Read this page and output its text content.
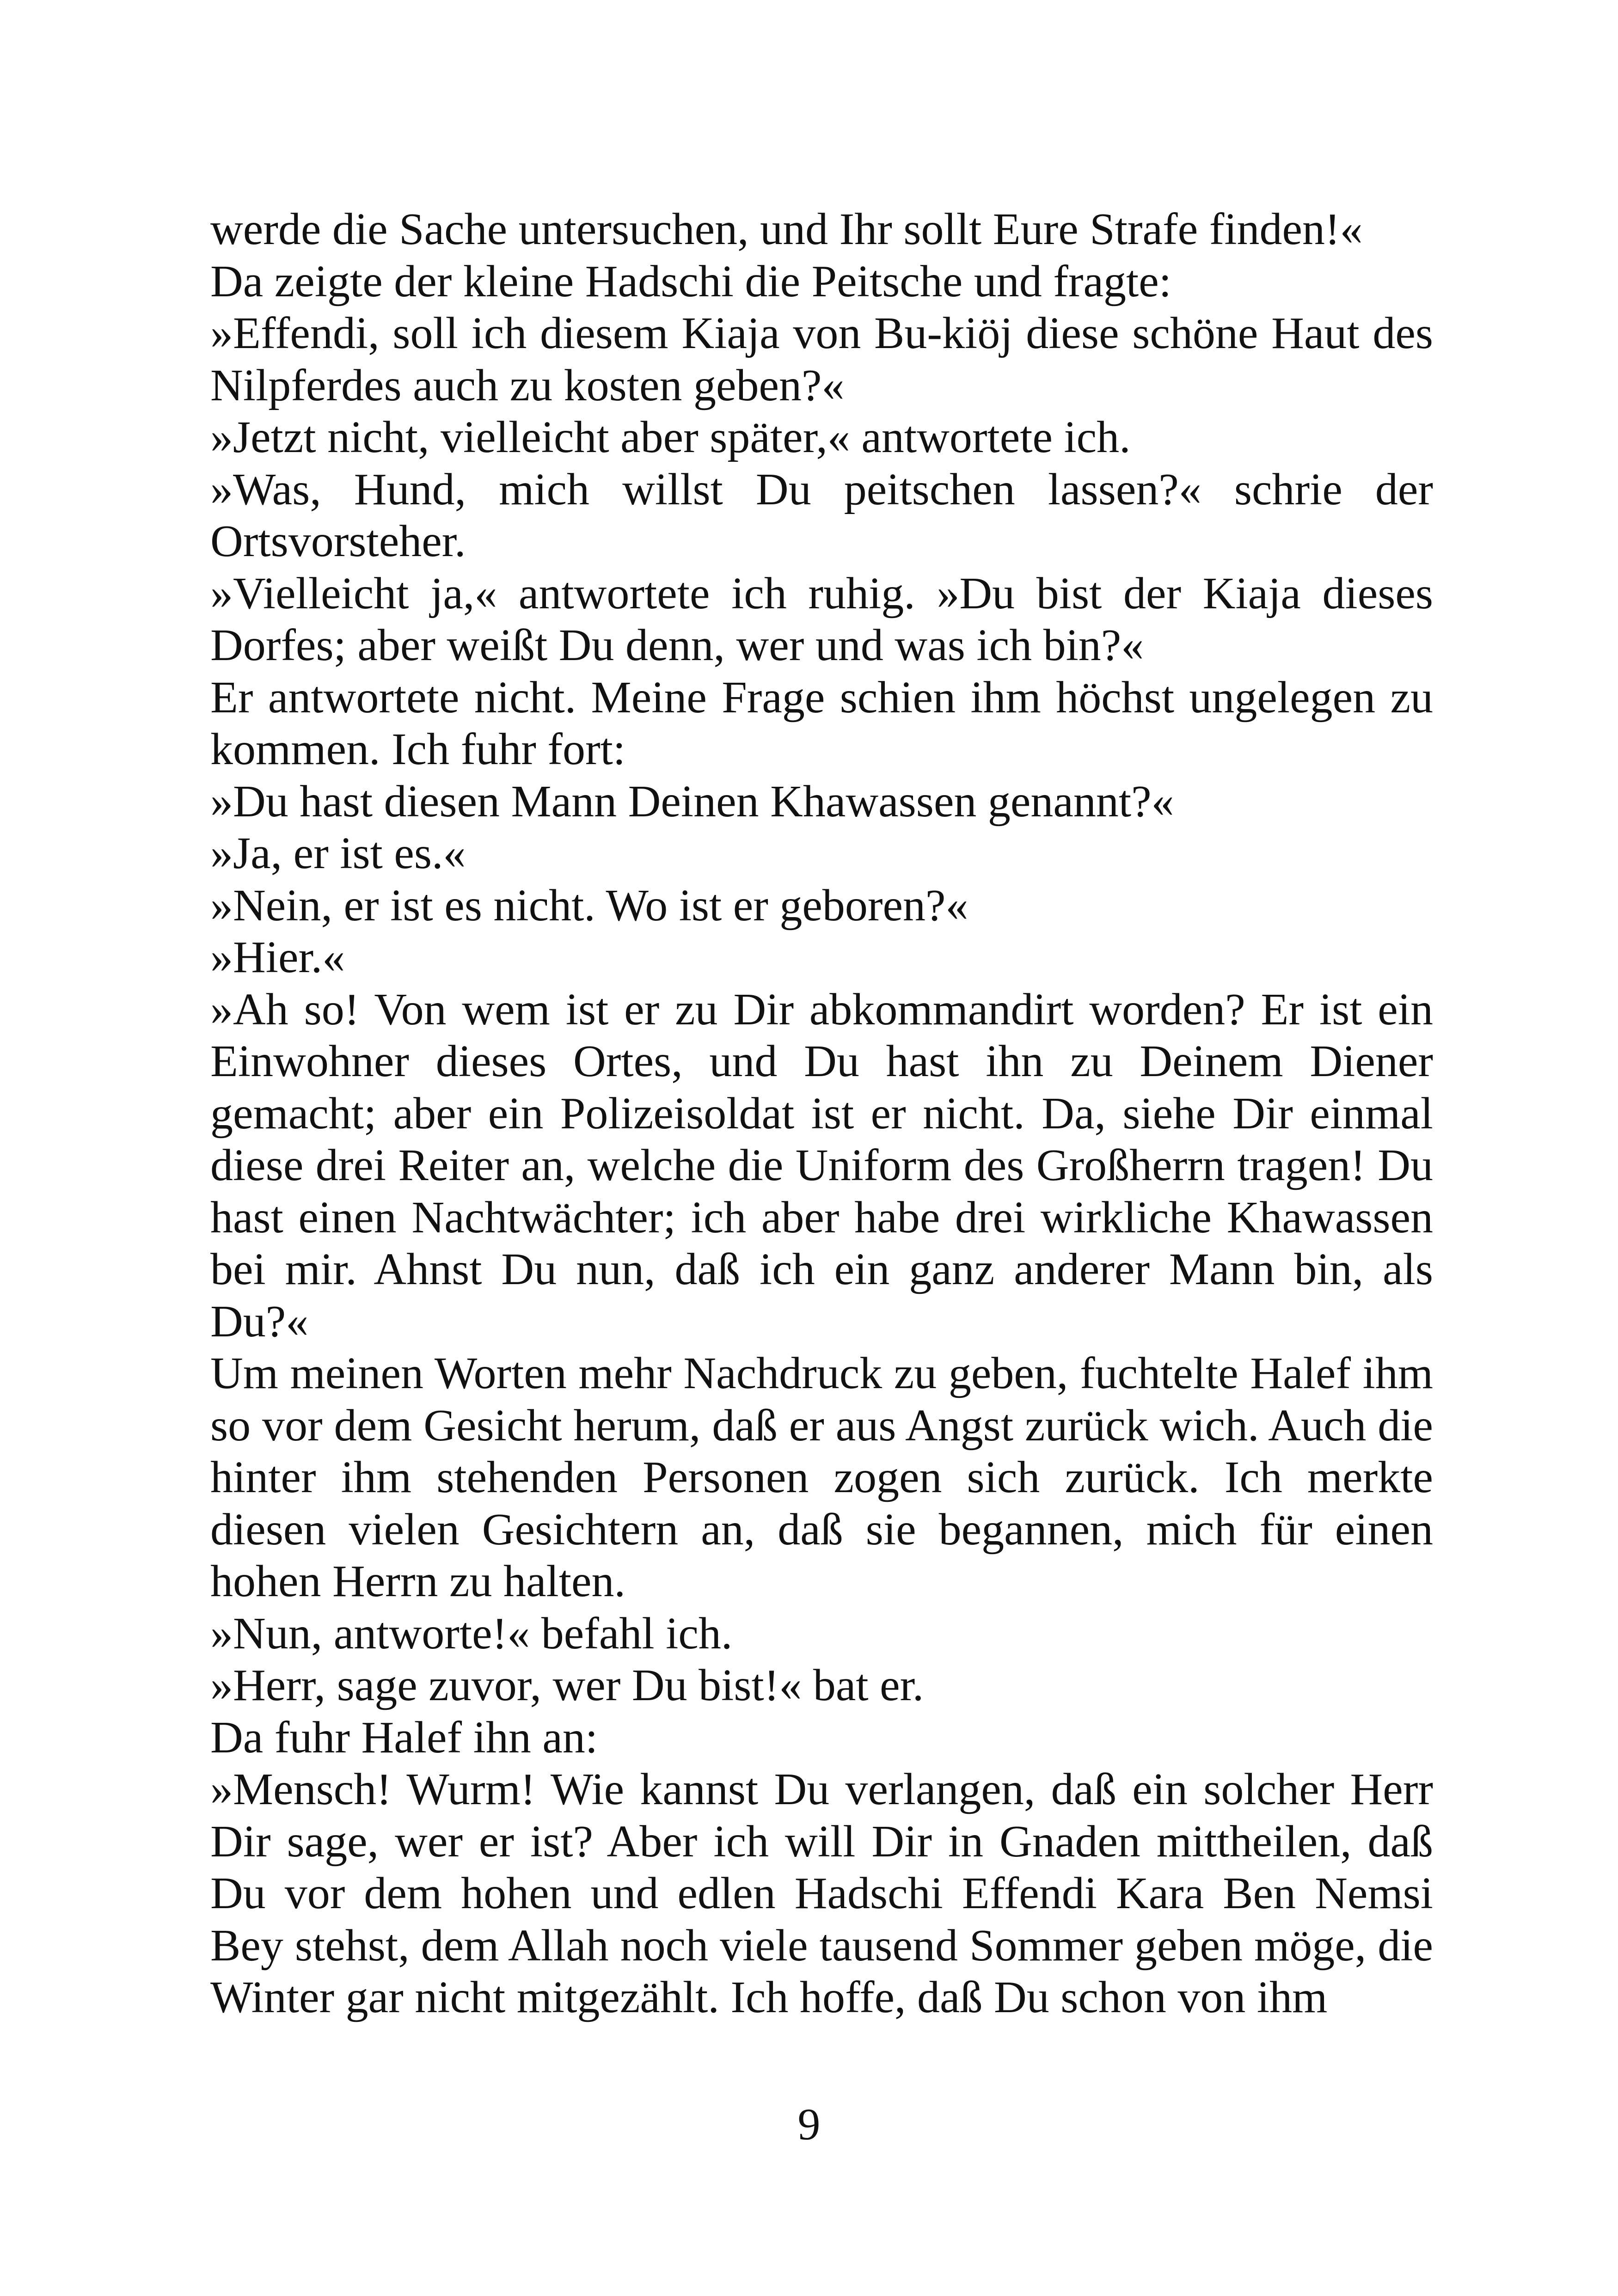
werde die Sache untersuchen, und Ihr sollt Eure Strafe finden!«

Da zeigte der kleine Hadschi die Peitsche und fragte:

»Effendi, soll ich diesem Kiaja von Bu-kiöj diese schöne Haut des Nilpferdes auch zu kosten geben?«

»Jetzt nicht, vielleicht aber später,« antwortete ich.

»Was, Hund, mich willst Du peitschen lassen?« schrie der Ortsvorsteher.

»Vielleicht ja,« antwortete ich ruhig. »Du bist der Kiaja dieses Dorfes; aber weißt Du denn, wer und was ich bin?«

Er antwortete nicht. Meine Frage schien ihm höchst ungelegen zu kommen. Ich fuhr fort:

»Du hast diesen Mann Deinen Khawassen genannt?«

»Ja, er ist es.«

»Nein, er ist es nicht. Wo ist er geboren?«

»Hier.«

»Ah so! Von wem ist er zu Dir abkommandirt worden? Er ist ein Einwohner dieses Ortes, und Du hast ihn zu Deinem Diener gemacht; aber ein Polizeisoldat ist er nicht. Da, siehe Dir einmal diese drei Reiter an, welche die Uniform des Großherrn tragen! Du hast einen Nachtwächter; ich aber habe drei wirkliche Khawassen bei mir. Ahnst Du nun, daß ich ein ganz anderer Mann bin, als Du?«

Um meinen Worten mehr Nachdruck zu geben, fuchtelte Halef ihm so vor dem Gesicht herum, daß er aus Angst zurück wich. Auch die hinter ihm stehenden Personen zogen sich zurück. Ich merkte diesen vielen Gesichtern an, daß sie begannen, mich für einen hohen Herrn zu halten.

»Nun, antworte!« befahl ich.

»Herr, sage zuvor, wer Du bist!« bat er.

Da fuhr Halef ihn an:

»Mensch! Wurm! Wie kannst Du verlangen, daß ein solcher Herr Dir sage, wer er ist? Aber ich will Dir in Gnaden mittheilen, daß Du vor dem hohen und edlen Hadschi Effendi Kara Ben Nemsi Bey stehst, dem Allah noch viele tausend Sommer geben möge, die Winter gar nicht mitgezählt. Ich hoffe, daß Du schon von ihm

9
